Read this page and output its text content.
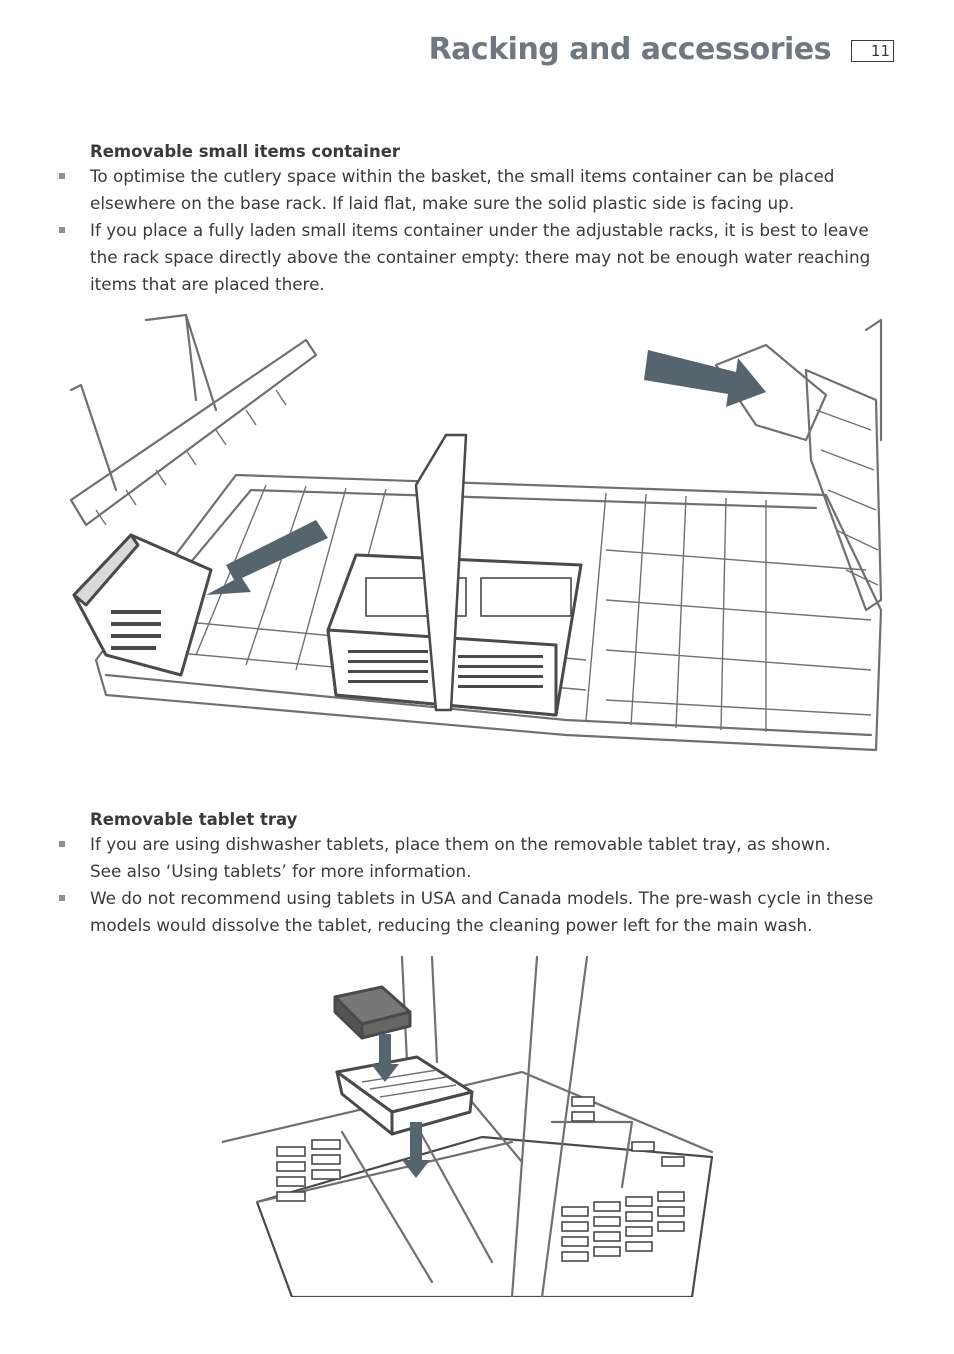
Racking and accessories	11
Removable small items container
To optimise the cutlery space within the basket, the small items container can be placed elsewhere on the base rack. If laid flat, make sure the solid plastic side is facing up.
If you place a fully laden small items container under the adjustable racks, it is best to leave the rack space directly above the container empty: there may not be enough water reaching items that are placed there.
Removable tablet tray
If you are using dishwasher tablets, place them on the removable tablet tray, as shown.
See also ‘Using tablets’ for more information.
We do not recommend using tablets in USA and Canada models. The pre-wash cycle in these models would dissolve the tablet, reducing the cleaning power left for the main wash.
